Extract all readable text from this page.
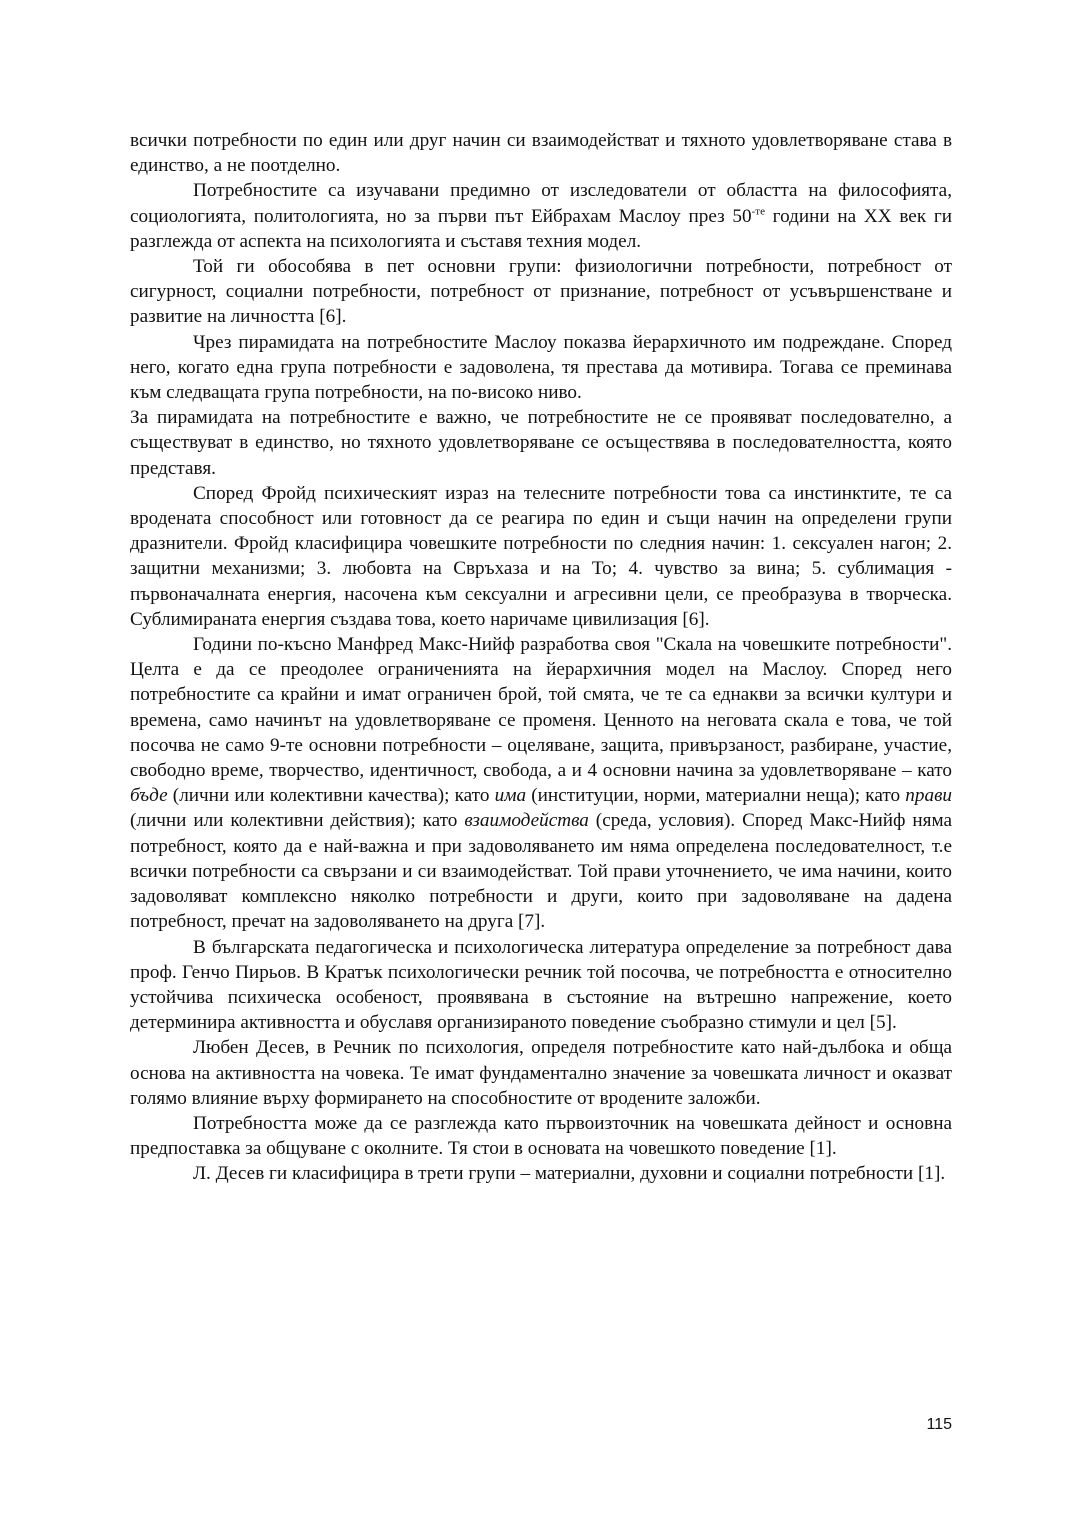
всички потребности по един или друг начин си взаимодействат и тяхното удовлетворяване става в единство, а не поотделно.

Потребностите са изучавани предимно от изследователи от областта на философията, социологията, политологията, но за първи път Ейбрахам Маслоу през $50^{-те}$ години на ХХ век ги разглежда от аспекта на психологията и съставя техния модел.

Той ги обособява в пет основни групи: физиологични потребности, потребност от сигурност, социални потребности, потребност от признание, потребност от усъвършенстване и развитие на личността [6].

Чрез пирамидата на потребностите Маслоу показва йерархичното им подреждане. Според него, когато една група потребности е задоволена, тя престава да мотивира. Тогава се преминава към следващата група потребности, на по-високо ниво.

За пирамидата на потребностите е важно, че потребностите не се проявяват последователно, а съществуват в единство, но тяхното удовлетворяване се осъществява в последователността, която представя.

Според Фройд психическият израз на телесните потребности това са инстинктите, те са вродената способност или готовност да се реагира по един и същи начин на определени групи дразнители. Фройд класифицира човешките потребности по следния начин: 1. сексуален нагон; 2. защитни механизми; 3. любовта на Свръхаза и на То; 4. чувство за вина; 5. сублимация - първоначалната енергия, насочена към сексуални и агресивни цели, се преобразува в творческа. Сублимираната енергия създава това, което наричаме цивилизация [6].

Години по-късно Манфред Макс-Нийф разработва своя "Скала на човешките потребности". Целта е да се преодолее ограниченията на йерархичния модел на Маслоу. Според него потребностите са крайни и имат ограничен брой, той смята, че те са еднакви за всички култури и времена, само начинът на удовлетворяване се променя. Ценното на неговата скала е това, че той посочва не само 9-те основни потребности – оцеляване, защита, привързаност, разбиране, участие, свободно време, творчество, идентичност, свобода, а и 4 основни начина за удовлетворяване – като бъде (лични или колективни качества); като има (институции, норми, материални неща); като прави (лични или колективни действия); като взаимодейства (среда, условия). Според Макс-Нийф няма потребност, която да е най-важна и при задоволяването им няма определена последователност, т.е всички потребности са свързани и си взаимодействат. Той прави уточнението, че има начини, които задоволяват комплексно няколко потребности и други, които при задоволяване на дадена потребност, пречат на задоволяването на друга [7].

В българската педагогическа и психологическа литература определение за потребност дава проф. Генчо Пирьов. В Кратък психологически речник той посочва, че потребността е относително устойчива психическа особеност, проявявана в състояние на вътрешно напрежение, което детерминира активността и обуславя организираното поведение съобразно стимули и цел [5].

Любен Десев, в Речник по психология, определя потребностите като най-дълбока и обща основа на активността на човека. Те имат фундаментално значение за човешката личност и оказват голямо влияние върху формирането на способностите от вродените заложби.

Потребността може да се разглежда като първоизточник на човешката дейност и основна предпоставка за общуване с околните. Тя стои в основата на човешкото поведение [1].

Л. Десев ги класифицира в трети групи – материални, духовни и социални потребности [1].

115
